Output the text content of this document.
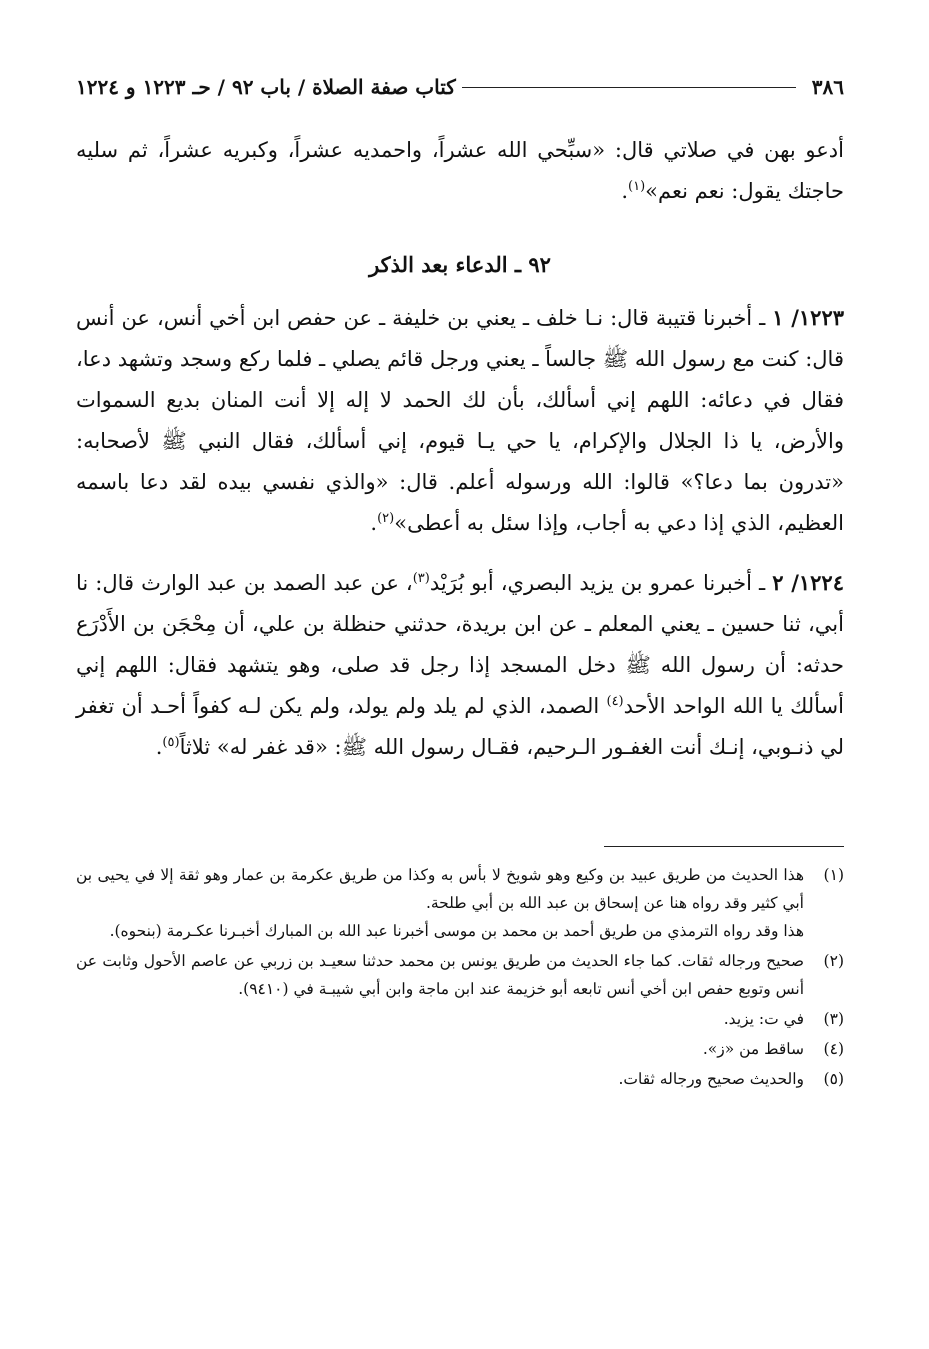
٣٨٦
كتاب صفة الصلاة / باب ٩٢ / حـ ١٢٢٣ و ١٢٢٤
أدعو بهن في صلاتي قال: «سبِّحي الله عشراً، واحمديه عشراً، وكبريه عشراً، ثم سليه حاجتك يقول: نعم نعم»$^{(١)}$.
٩٢ ـ الدعاء بعد الذكر
١٢٢٣/ ١ ـ أخبرنا قتيبة قال: نـا خلف ـ يعني بن خليفة ـ عن حفص ابن أخي أنس، عن أنس قال: كنت مع رسول الله ﷺ جالساً ـ يعني ورجل قائم يصلي ـ فلما ركع وسجد وتشهد دعا، فقال في دعائه: اللهم إني أسألك، بأن لك الحمد لا إله إلا أنت المنان بديع السموات والأرض، يا ذا الجلال والإكرام، يا حي يـا قيوم، إني أسألك، فقال النبي ﷺ لأصحابه: «تدرون بما دعا؟» قالوا: الله ورسوله أعلم. قال: «والذي نفسي بيده لقد دعا باسمه العظيم، الذي إذا دعي به أجاب، وإذا سئل به أعطى»$^{(٢)}$.
١٢٢٤/ ٢ ـ أخبرنا عمرو بن يزيد البصري، أبو بُرَيْد$^{(٣)}$، عن عبد الصمد بن عبد الوارث قال: نا أبي، ثنا حسين ـ يعني المعلم ـ عن ابن بريدة، حدثني حنظلة بن علي، أن مِحْجَن بن الأَدْرَع حدثه: أن رسول الله ﷺ دخل المسجد إذا رجل قد صلى، وهو يتشهد فقال: اللهم إني أسألك يا الله الواحد الأحد$^{(٤)}$ الصمد، الذي لم يلد ولم يولد، ولم يكن لـه كفواً أحـد أن تغفر لي ذنـوبي، إنـك أنت الغفـور الـرحيم، فقـال رسول الله ﷺ: «قد غفر له» ثلاثاً$^{(٥)}$.
(١)
هذا الحديث من طريق عبيد بن وكيع وهو شويخ لا بأس به وكذا من طريق عكرمة بن عمار وهو ثقة إلا في يحيى بن أبي كثير وقد رواه هنا عن إسحاق بن عبد الله بن أبي طلحة.
هذا وقد رواه الترمذي من طريق أحمد بن محمد بن موسى أخبرنا عبد الله بن المبارك أخبـرنا عكـرمة (بنحوه).
(٢)
صحيح ورجاله ثقات. كما جاء الحديث من طريق يونس بن محمد حدثنا سعيـد بن زربي عن عاصم الأحول وثابت عن أنس وتوبع حفص ابن أخي أنس تابعه أبو خزيمة عند ابن ماجة وابن أبي شيبـة في (٩٤١٠).
(٣)
في ت: يزيد.
(٤)
ساقط من «ز».
(٥)
والحديث صحيح ورجاله ثقات.
